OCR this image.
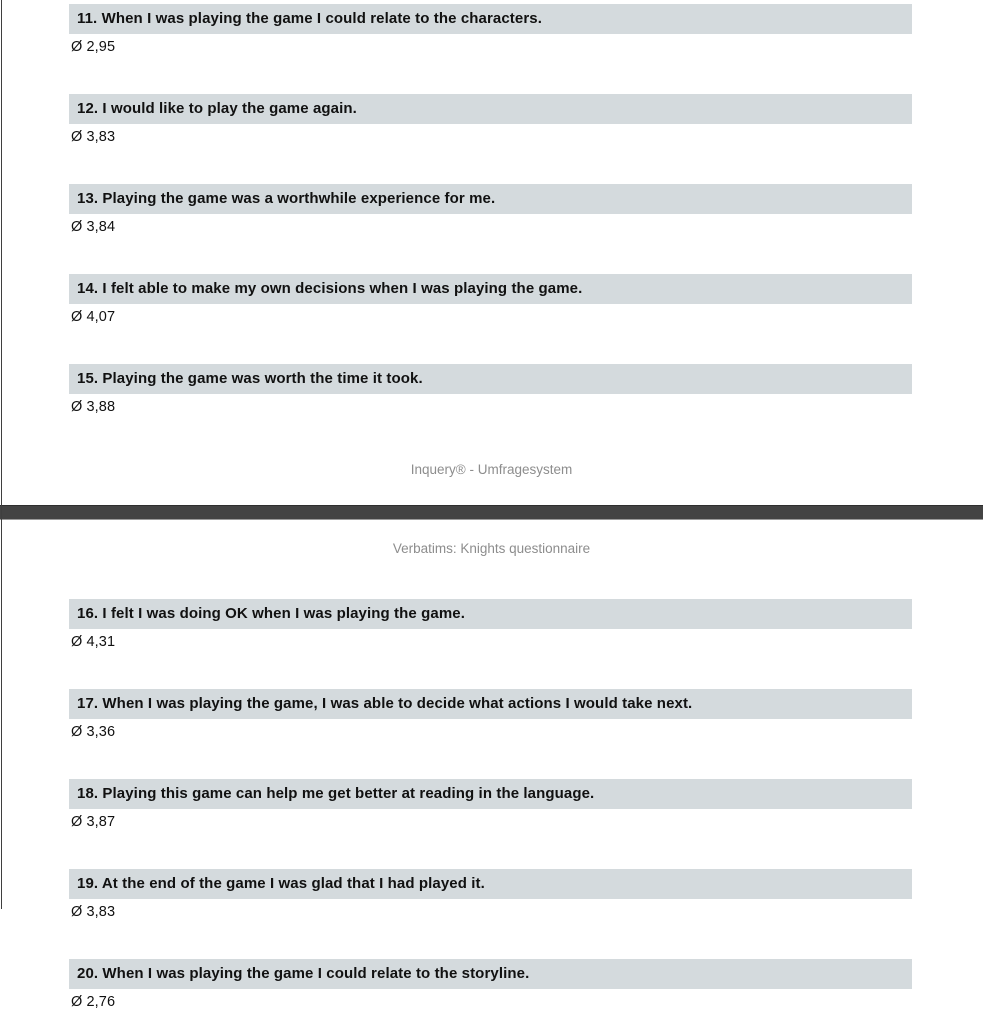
11. When I was playing the game I could relate to the characters.
Ø 2,95
12. I would like to play the game again.
Ø 3,83
13. Playing the game was a worthwhile experience for me.
Ø 3,84
14. I felt able to make my own decisions when I was playing the game.
Ø 4,07
15. Playing the game was worth the time it took.
Ø 3,88
Inquery® - Umfragesystem
Verbatims: Knights questionnaire
16. I felt I was doing OK when I was playing the game.
Ø 4,31
17. When I was playing the game, I was able to decide what actions I would take next.
Ø 3,36
18. Playing this game can help me get better at reading in the language.
Ø 3,87
19. At the end of the game I was glad that I had played it.
Ø 3,83
20. When I was playing the game I could relate to the storyline.
Ø 2,76
